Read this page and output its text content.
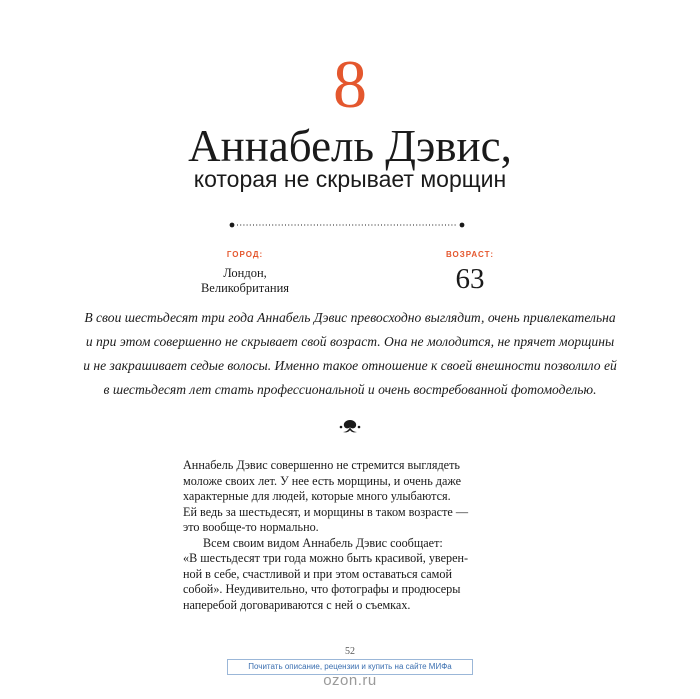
8
Аннабель Дэвис,
которая не скрывает морщин
ГОРОД:
Лондон,
Великобритания
ВОЗРАСТ:
63
В свои шестьдесят три года Аннабель Дэвис превосходно выглядит, очень привлекательна
и при этом совершенно не скрывает свой возраст. Она не молодится, не прячет морщины
и не закрашивает седые волосы. Именно такое отношение к своей внешности позволило ей
в шестьдесят лет стать профессиональной и очень востребованной фотомоделью.

Аннабель Дэвис совершенно не стремится выглядеть

моложе своих лет. У нее есть морщины, и очень даже

характерные для людей, которые много улыбаются.

Ей ведь за шестьдесят, и морщины в таком возрасте —

это вообще-то нормально.

Всем своим видом Аннабель Дэвис сообщает:

«В шестьдесят три года можно быть красивой, уверен-

ной в себе, счастливой и при этом оставаться самой

собой». Неудивительно, что фотографы и продюсеры

наперебой договариваются с ней о съемках.

52
Почитать описание, рецензии и купить на сайте МИФа
ozon.ru
